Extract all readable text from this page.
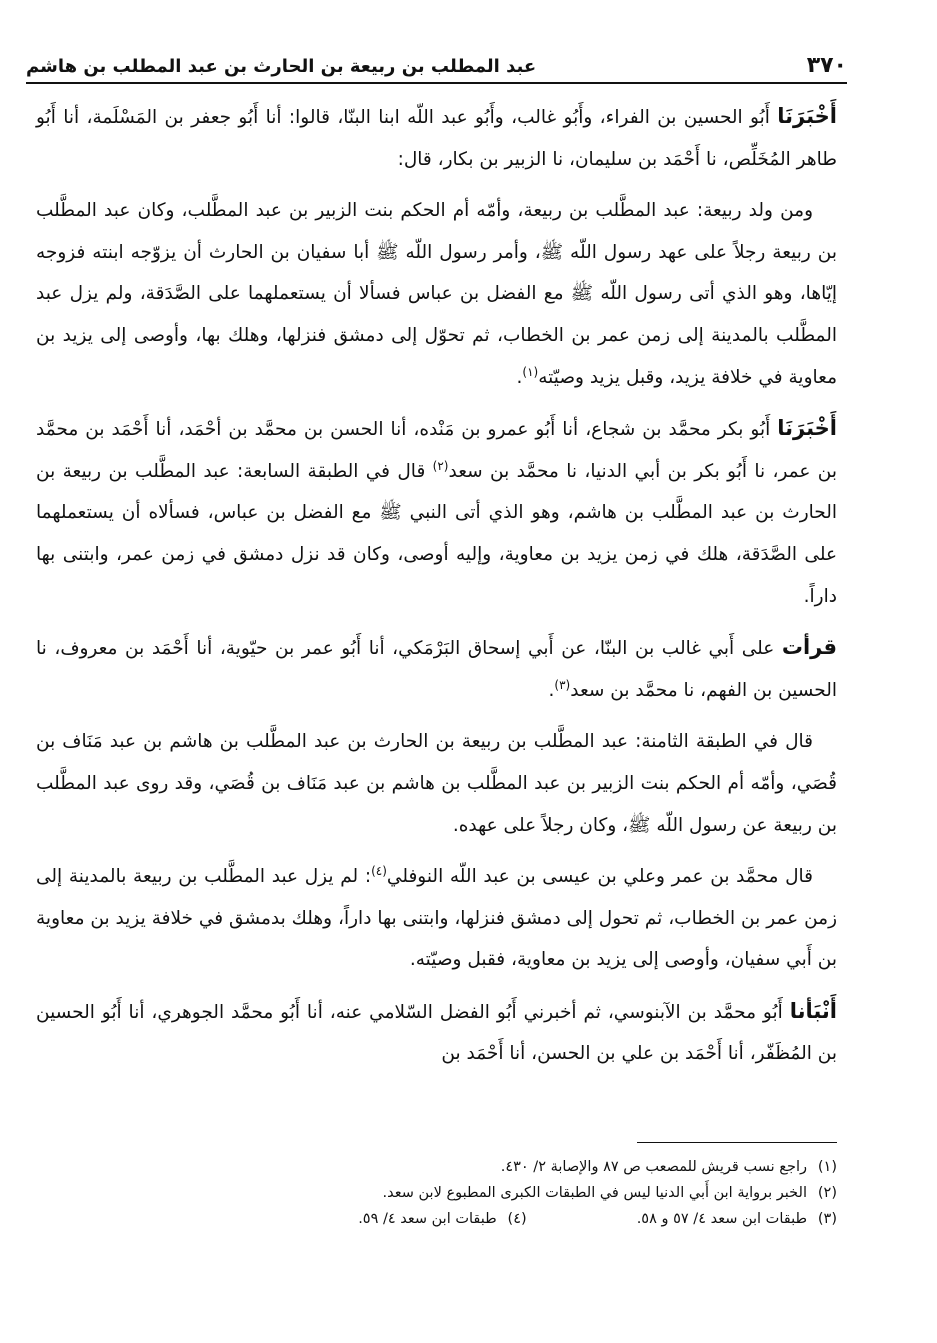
٣٧٠
عبد المطلب بن ربيعة بن الحارث بن عبد المطلب بن هاشم

أَخْبَرَنَا أَبُو الحسين بن الفراء، وأَبُو غالب، وأَبُو عبد اللّه ابنا البنّا، قالوا: أنا أَبُو جعفر بن المَسْلَمة، أنا أَبُو طاهر المُخَلِّص، نا أَحْمَد بن سليمان، نا الزبير بن بكار، قال:

ومن ولد ربيعة: عبد المطَّلب بن ربيعة، وأمّه أم الحكم بنت الزبير بن عبد المطَّلب، وكان عبد المطَّلب بن ربيعة رجلاً على عهد رسول اللّه ﷺ، وأمر رسول اللّه ﷺ أبا سفيان بن الحارث أن يزوّجه ابنته فزوجه إيّاها، وهو الذي أتى رسول اللّه ﷺ مع الفضل بن عباس فسألا أن يستعملهما على الصَّدَقة، ولم يزل عبد المطَّلب بالمدينة إلى زمن عمر بن الخطاب، ثم تحوّل إلى دمشق فنزلها، وهلك بها، وأوصى إلى يزيد بن معاوية في خلافة يزيد، وقبل يزيد وصيّته$^{(١)}$.

أَخْبَرَنَا أَبُو بكر محمَّد بن شجاع، أنا أَبُو عمرو بن مَنْده، أنا الحسن بن محمَّد بن أحْمَد، أنا أَحْمَد بن محمَّد بن عمر، نا أَبُو بكر بن أبي الدنيا، نا محمَّد بن سعد$^{(٢)}$ قال في الطبقة السابعة: عبد المطَّلب بن ربيعة بن الحارث بن عبد المطَّلب بن هاشم، وهو الذي أتى النبي ﷺ مع الفضل بن عباس، فسألاه أن يستعملهما على الصَّدَقة، هلك في زمن يزيد بن معاوية، وإليه أوصى، وكان قد نزل دمشق في زمن عمر، وابتنى بها داراً.

قرأت على أَبي غالب بن البنّا، عن أَبي إسحاق البَرْمَكي، أنا أَبُو عمر بن حيّوية، أنا أَحْمَد بن معروف، نا الحسين بن الفهم، نا محمَّد بن سعد$^{(٣)}$.

قال في الطبقة الثامنة: عبد المطَّلب بن ربيعة بن الحارث بن عبد المطَّلب بن هاشم بن عبد مَنَاف بن قُصَي، وأمّه أم الحكم بنت الزبير بن عبد المطَّلب بن هاشم بن عبد مَنَاف بن قُصَي، وقد روى عبد المطَّلب بن ربيعة عن رسول اللّه ﷺ، وكان رجلاً على عهده.

قال محمَّد بن عمر وعلي بن عيسى بن عبد اللّه النوفلي$^{(٤)}$: لم يزل عبد المطَّلب بن ربيعة بالمدينة إلى زمن عمر بن الخطاب، ثم تحول إلى دمشق فنزلها، وابتنى بها داراً، وهلك بدمشق في خلافة يزيد بن معاوية بن أَبي سفيان، وأوصى إلى يزيد بن معاوية، فقبل وصيّته.

أَنْبَأنا أَبُو محمَّد بن الآبنوسي، ثم أخبرني أَبُو الفضل السّلامي عنه، أنا أَبُو محمَّد الجوهري، أنا أَبُو الحسين بن المُظَفّر، أنا أَحْمَد بن علي بن الحسن، أنا أَحْمَد بن

(١)راجع نسب قريش للمصعب ص ٨٧ والإصابة ٢/ ٤٣٠.
(٢)الخبر برواية ابن أَبي الدنيا ليس في الطبقات الكبرى المطبوع لابن سعد.
(٣)طبقات ابن سعد ٤/ ٥٧ و ٥٨.(٤)طبقات ابن سعد ٤/ ٥٩.
